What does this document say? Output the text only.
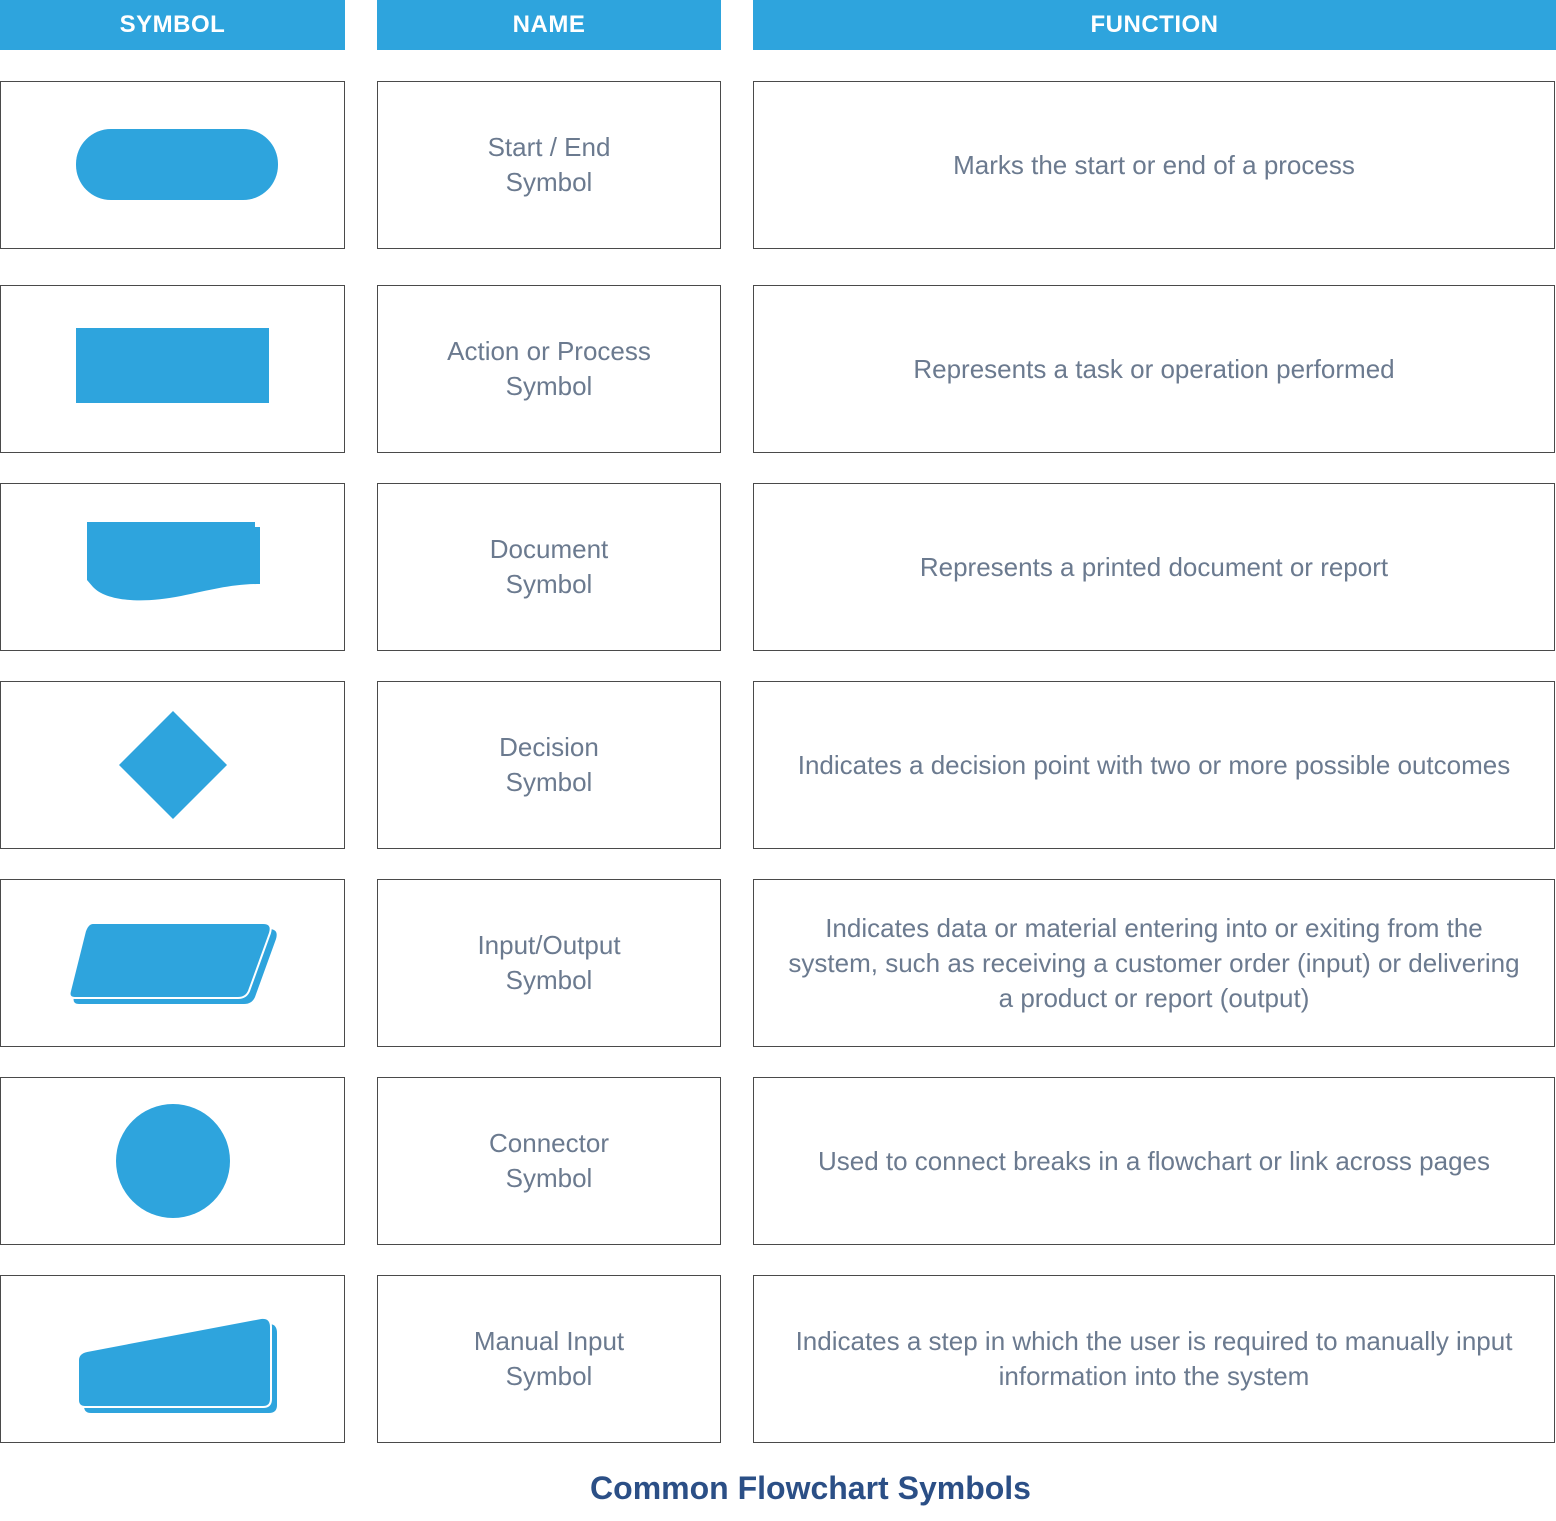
SYMBOL	NAME	FUNCTION
Start / End
Symbol
Marks the start or end of a process
Action or Process
Symbol
Represents a task or operation performed
Document
Symbol
Represents a printed document or report
Decision
Symbol
Indicates a decision point with two or more possible outcomes
Input/Output
Symbol
Indicates data or material entering into or exiting from the system, such as receiving a customer order (input) or delivering a product or report (output)
Connector
Symbol
Used to connect breaks in a flowchart or link across pages
Manual Input
Symbol
Indicates a step in which the user is required to manually input information into the system
Common Flowchart Symbols
